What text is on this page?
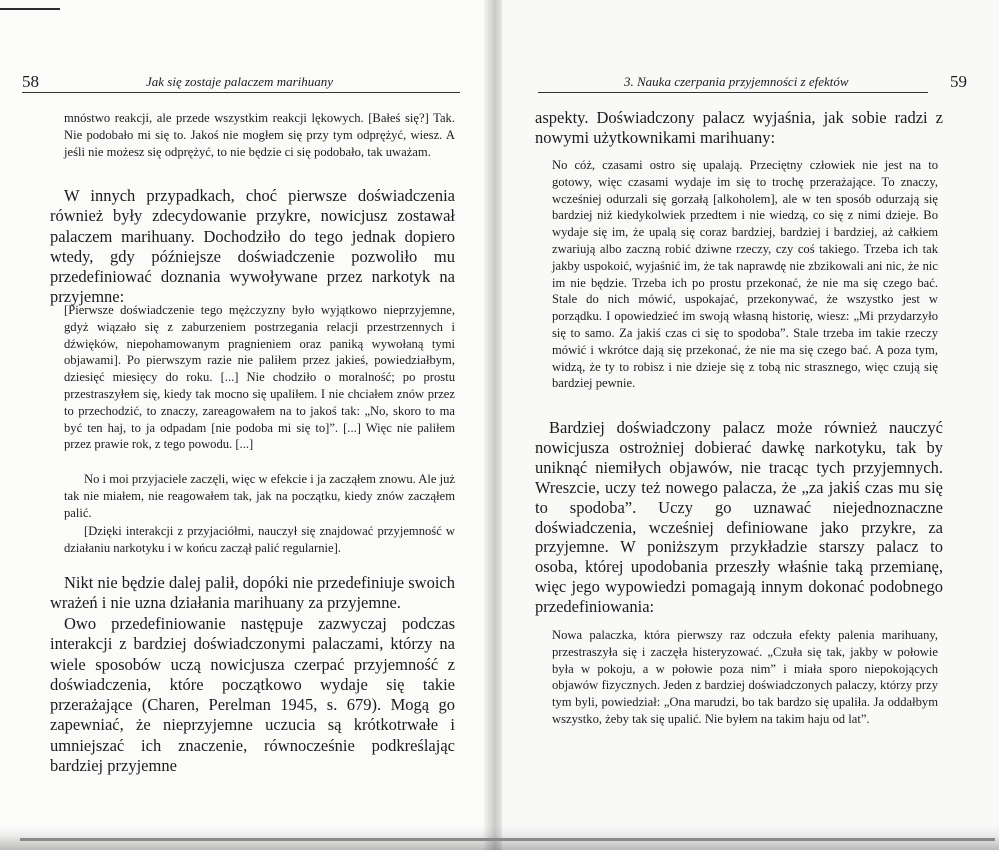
58	Jak się zostaje palaczem marihuany

mnóstwo reakcji, ale przede wszystkim reakcji lękowych. [Bałeś się?] Tak. Nie podobało mi się to. Jakoś nie mogłem się przy tym odprężyć, wiesz. A jeśli nie możesz się odprężyć, to nie będzie ci się podobało, tak uważam.

W innych przypadkach, choć pierwsze doświadczenia również były zdecydowanie przykre, nowicjusz zostawał palaczem marihuany. Dochodziło do tego jednak dopiero wtedy, gdy późniejsze doświadczenie pozwoliło mu przedefiniować doznania wywoływane przez narkotyk na przyjemne:

[Pierwsze doświadczenie tego mężczyzny było wyjątkowo nieprzyjemne, gdyż wiązało się z zaburzeniem postrzegania relacji przestrzennych i dźwięków, niepohamowanym pragnieniem oraz paniką wywołaną tymi objawami]. Po pierwszym razie nie paliłem przez jakieś, powiedziałbym, dziesięć miesięcy do roku. [...] Nie chodziło o moralność; po prostu przestraszyłem się, kiedy tak mocno się upaliłem. I nie chciałem znów przez to przechodzić, to znaczy, zareagowałem na to jakoś tak: „No, skoro to ma być ten haj, to ja odpadam [nie podoba mi się to]”. [...] Więc nie paliłem przez prawie rok, z tego powodu. [...]

No i moi przyjaciele zaczęli, więc w efekcie i ja zacząłem znowu. Ale już tak nie miałem, nie reagowałem tak, jak na początku, kiedy znów zacząłem palić.

[Dzięki interakcji z przyjaciółmi, nauczył się znajdować przyjemność w działaniu narkotyku i w końcu zaczął palić regularnie].

Nikt nie będzie dalej palił, dopóki nie przedefiniuje swoich wrażeń i nie uzna działania marihuany za przyjemne.

Owo przedefiniowanie następuje zazwyczaj podczas interakcji z bardziej doświadczonymi palaczami, którzy na wiele sposobów uczą nowicjusza czerpać przyjemność z doświadczenia, które początkowo wydaje się takie przerażające (Charen, Perelman 1945, s. 679). Mogą go zapewniać, że nieprzyjemne uczucia są krótkotrwałe i umniejszać ich znaczenie, równocześnie podkreślając bardziej przyjemne

3. Nauka czerpania przyjemności z efektów	59

aspekty. Doświadczony palacz wyjaśnia, jak sobie radzi z nowymi użytkownikami marihuany:

No cóż, czasami ostro się upalają. Przeciętny człowiek nie jest na to gotowy, więc czasami wydaje im się to trochę przerażające. To znaczy, wcześniej odurzali się gorzałą [alkoholem], ale w ten sposób odurzają się bardziej niż kiedykolwiek przedtem i nie wiedzą, co się z nimi dzieje. Bo wydaje się im, że upalą się coraz bardziej, bardziej i bardziej, aż całkiem zwariują albo zaczną robić dziwne rzeczy, czy coś takiego. Trzeba ich tak jakby uspokoić, wyjaśnić im, że tak naprawdę nie zbzikowali ani nic, że nic im nie będzie. Trzeba ich po prostu przekonać, że nie ma się czego bać. Stale do nich mówić, uspokajać, przekonywać, że wszystko jest w porządku. I opowiedzieć im swoją własną historię, wiesz: „Mi przydarzyło się to samo. Za jakiś czas ci się to spodoba”. Stale trzeba im takie rzeczy mówić i wkrótce dają się przekonać, że nie ma się czego bać. A poza tym, widzą, że ty to robisz i nie dzieje się z tobą nic strasznego, więc czują się bardziej pewnie.

Bardziej doświadczony palacz może również nauczyć nowicjusza ostrożniej dobierać dawkę narkotyku, tak by uniknąć niemiłych objawów, nie tracąc tych przyjemnych. Wreszcie, uczy też nowego palacza, że „za jakiś czas mu się to spodoba”. Uczy go uznawać niejednoznaczne doświadczenia, wcześniej definiowane jako przykre, za przyjemne. W poniższym przykładzie starszy palacz to osoba, której upodobania przeszły właśnie taką przemianę, więc jego wypowiedzi pomagają innym dokonać podobnego przedefiniowania:

Nowa palaczka, która pierwszy raz odczuła efekty palenia marihuany, przestraszyła się i zaczęła histeryzować. „Czuła się tak, jakby w połowie była w pokoju, a w połowie poza nim” i miała sporo niepokojących objawów fizycznych. Jeden z bardziej doświadczonych palaczy, którzy przy tym byli, powiedział: „Ona marudzi, bo tak bardzo się upaliła. Ja oddałbym wszystko, żeby tak się upalić. Nie byłem na takim haju od lat”.
